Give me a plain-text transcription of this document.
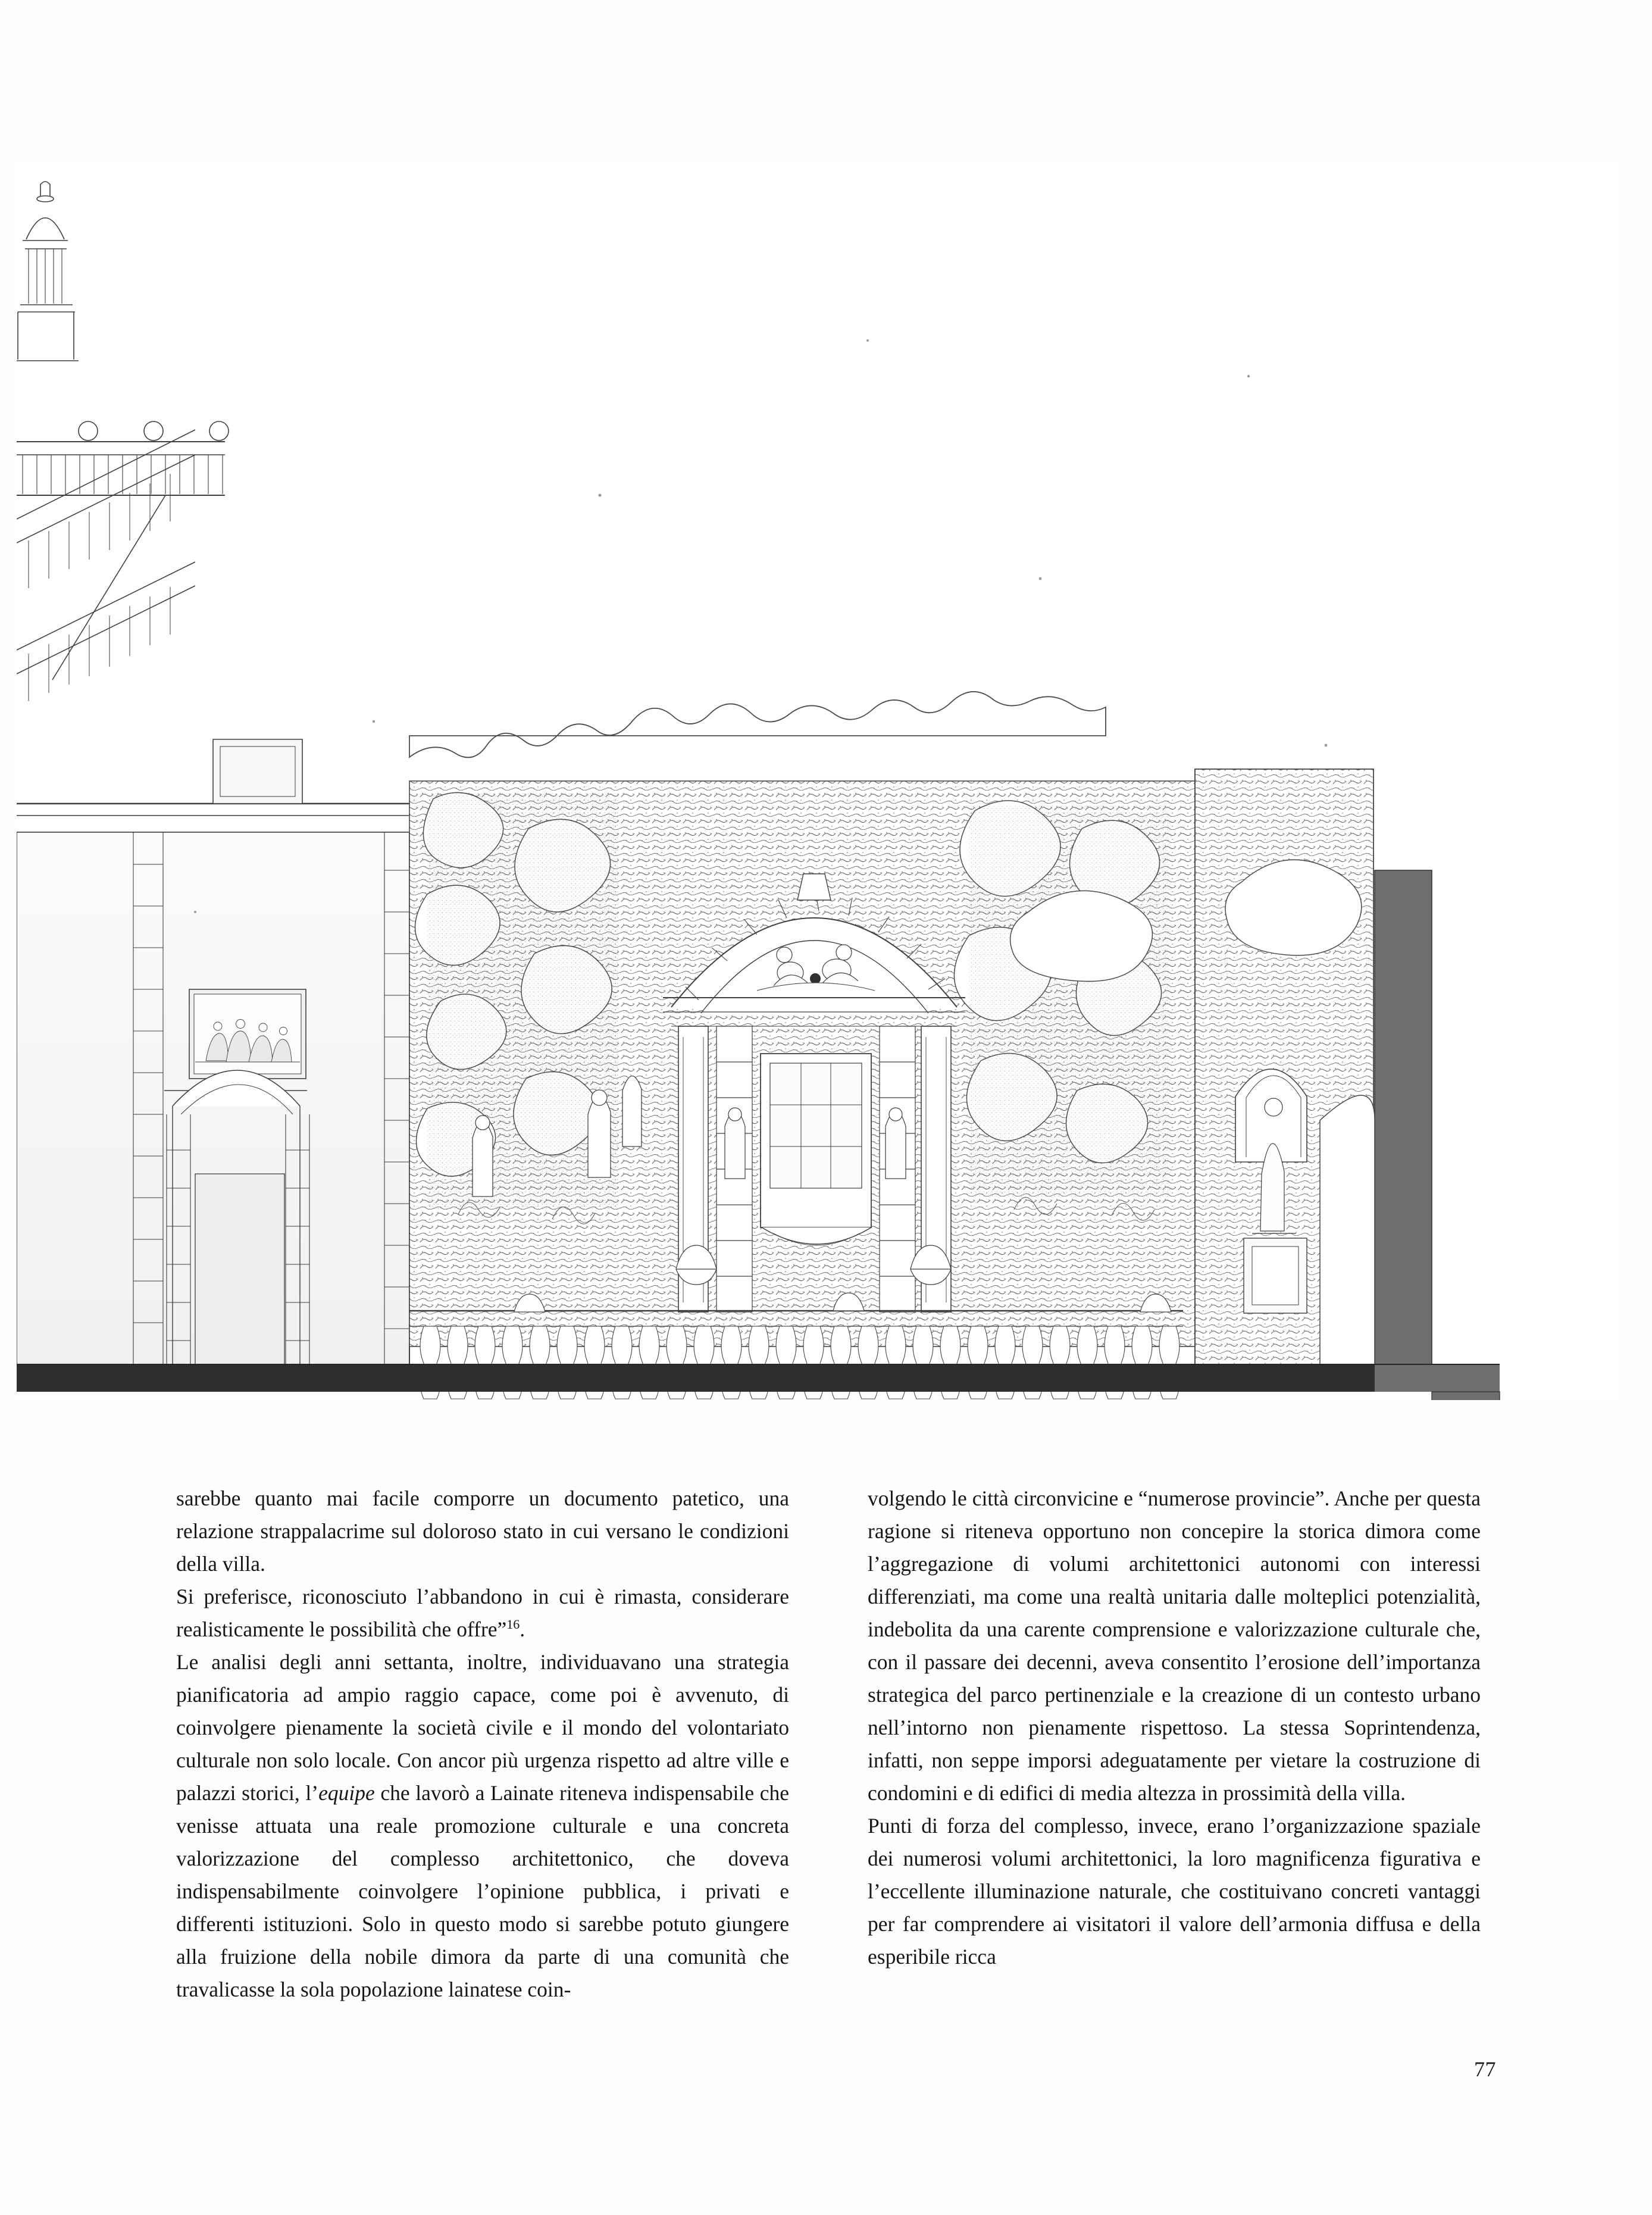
sarebbe quanto mai facile comporre un documento patetico, una relazione strappalacrime sul doloroso stato in cui versano le condizioni della villa.

Si preferisce, riconosciuto l’abbandono in cui è rimasta, considerare realisticamente le possibilità che offre”$^{16}$.

Le analisi degli anni settanta, inoltre, individuavano una strategia pianificatoria ad ampio raggio capace, come poi è avvenuto, di coinvolgere pienamente la società civile e il mondo del volontariato culturale non solo locale. Con ancor più urgenza rispetto ad altre ville e palazzi storici, l’equipe che lavorò a Lainate riteneva indispensabile che venisse attuata una reale promozione culturale e una concreta valorizzazione del complesso architettonico, che doveva indispensabilmente coinvolgere l’opinione pubblica, i privati e differenti istituzioni. Solo in questo modo si sarebbe potuto giungere alla fruizione della nobile dimora da parte di una comunità che travalicasse la sola popolazione lainatese coin-

volgendo le città circonvicine e “numerose provincie”. Anche per questa ragione si riteneva opportuno non concepire la storica dimora come l’aggregazione di volumi architettonici autonomi con interessi differenziati, ma come una realtà unitaria dalle molteplici potenzialità, indebolita da una carente comprensione e valorizzazione culturale che, con il passare dei decenni, aveva consentito l’erosione dell’importanza strategica del parco pertinenziale e la creazione di un contesto urbano nell’intorno non pienamente rispettoso. La stessa Soprintendenza, infatti, non seppe imporsi adeguatamente per vietare la costruzione di condomini e di edifici di media altezza in prossimità della villa.

Punti di forza del complesso, invece, erano l’organizzazione spaziale dei numerosi volumi architettonici, la loro magnificenza figurativa e l’eccellente illuminazione naturale, che costituivano concreti vantaggi per far comprendere ai visitatori il valore dell’armonia diffusa e della esperibile ricca

77
